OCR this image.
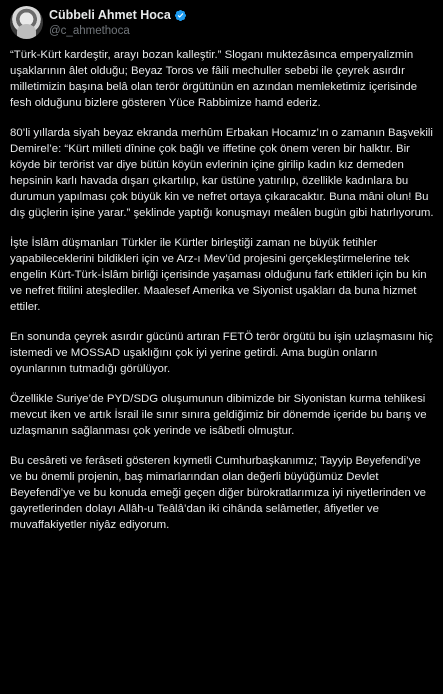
Cübbeli Ahmet Hoca
@c_ahmethoca

“Türk-Kürt kardeştir, arayı bozan kalleştir.” Sloganı muktezâsınca emperyalizmin uşaklarının âlet olduğu; Beyaz Toros ve fâili mechuller sebebi ile çeyrek asırdır milletimizin başına belâ olan terör örgütünün en azından memleketimiz içerisinde fesh olduğunu bizlere gösteren Yüce Rabbimize hamd ederiz.

80’li yıllarda siyah beyaz ekranda merhûm Erbakan Hocamız’ın o zamanın Başvekili Demirel’e: “Kürt milleti dînine çok bağlı ve iffetine çok önem veren bir halktır. Bir köyde bir terörist var diye bütün köyün evlerinin içine girilip kadın kız demeden hepsinin karlı havada dışarı çıkartılıp, kar üstüne yatırılıp, özellikle kadınlara bu durumun yapılması çok büyük kin ve nefret ortaya çıkaracaktır. Buna mâni olun! Bu dış güçlerin işine yarar.” şeklinde yaptığı konuşmayı meâlen bugün gibi hatırlıyorum.

İşte İslâm düşmanları Türkler ile Kürtler birleştiği zaman ne büyük fetihler yapabileceklerini bildikleri için ve Arz-ı Mev’ûd projesini gerçekleştirmelerine tek engelin Kürt-Türk-İslâm birliği içerisinde yaşaması olduğunu fark ettikleri için bu kin ve nefret fitilini ateşlediler. Maalesef Amerika ve Siyonist uşakları da buna hizmet ettiler.

En sonunda çeyrek asırdır gücünü artıran FETÖ terör örgütü bu işin uzlaşmasını hiç istemedi ve MOSSAD uşaklığını çok iyi yerine getirdi. Ama bugün onların oyunlarının tutmadığı görülüyor.

Özellikle Suriye’de PYD/SDG oluşumunun dibimizde bir Siyonistan kurma tehlikesi mevcut iken ve artık İsrail ile sınır sınıra geldiğimiz bir dönemde içeride bu barış ve uzlaşmanın sağlanması çok yerinde ve isâbetli olmuştur.

Bu cesâreti ve ferâseti gösteren kıymetli Cumhurbaşkanımız; Tayyip Beyefendi’ye ve bu önemli projenin, baş mimarlarından olan değerli büyüğümüz Devlet Beyefendi’ye ve bu konuda emeği geçen diğer bürokratlarımıza iyi niyetlerinden ve gayretlerinden dolayı Allâh-u Teâlâ’dan iki cihânda selâmetler, âfiyetler ve muvaffakiyetler niyâz ediyorum.
